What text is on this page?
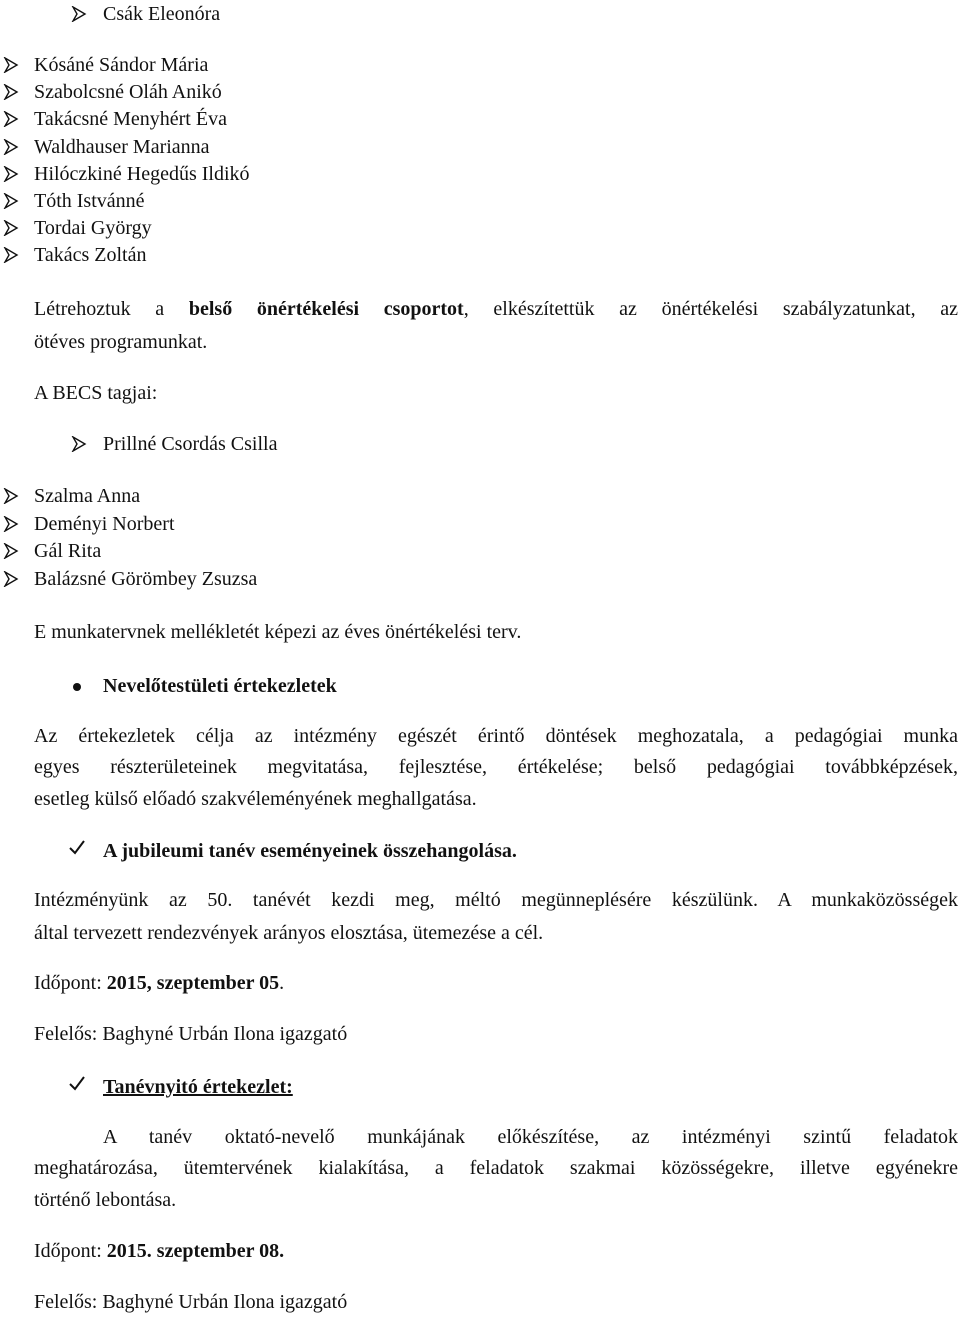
Csák Eleonóra
Kósáné Sándor Mária
Szabolcsné Oláh Anikó
Takácsné Menyhért Éva
Waldhauser Marianna
Hilóczkiné Hegedűs Ildikó
Tóth Istvánné
Tordai György
Takács Zoltán
Létrehoztuk a belső önértékelési csoportot, elkészítettük az önértékelési szabályzatunkat, az
ötéves programunkat.
A BECS tagjai:
Prillné Csordás Csilla
Szalma Anna
Deményi Norbert
Gál Rita
Balázsné Görömbey Zsuzsa
E munkatervnek mellékletét képezi az éves önértékelési terv.
Nevelőtestületi értekezletek
Az értekezletek célja az intézmény egészét érintő döntések meghozatala, a pedagógiai munka
egyes részterületeinek megvitatása, fejlesztése, értékelése; belső pedagógiai továbbképzések,
esetleg külső előadó szakvéleményének meghallgatása.
A jubileumi tanév eseményeinek összehangolása.
Intézményünk az 50. tanévét kezdi meg, méltó megünneplésére készülünk. A munkaközösségek
által tervezett rendezvények arányos elosztása, ütemezése a cél.
Időpont: 2015, szeptember 05.
Felelős: Baghyné Urbán Ilona igazgató
Tanévnyitó értekezlet:
A tanév oktató-nevelő munkájának előkészítése, az intézményi szintű feladatok
meghatározása, ütemtervének kialakítása, a feladatok szakmai közösségekre, illetve egyénekre
történő lebontása.
Időpont: 2015. szeptember 08.
Felelős: Baghyné Urbán Ilona igazgató
